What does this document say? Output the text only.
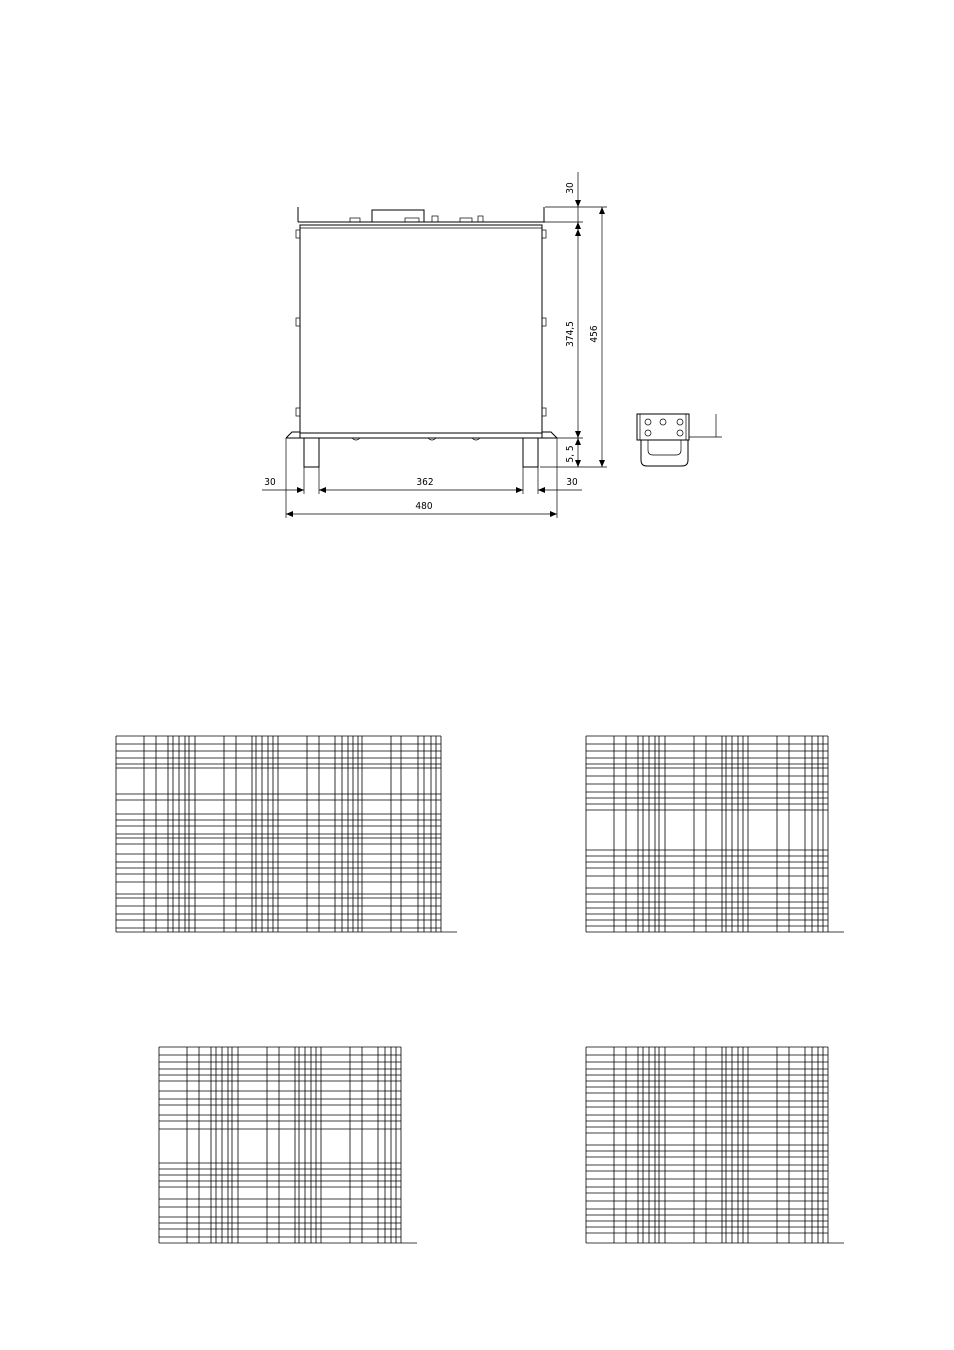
30
374,5 456
5, 5
30	362	30
480
